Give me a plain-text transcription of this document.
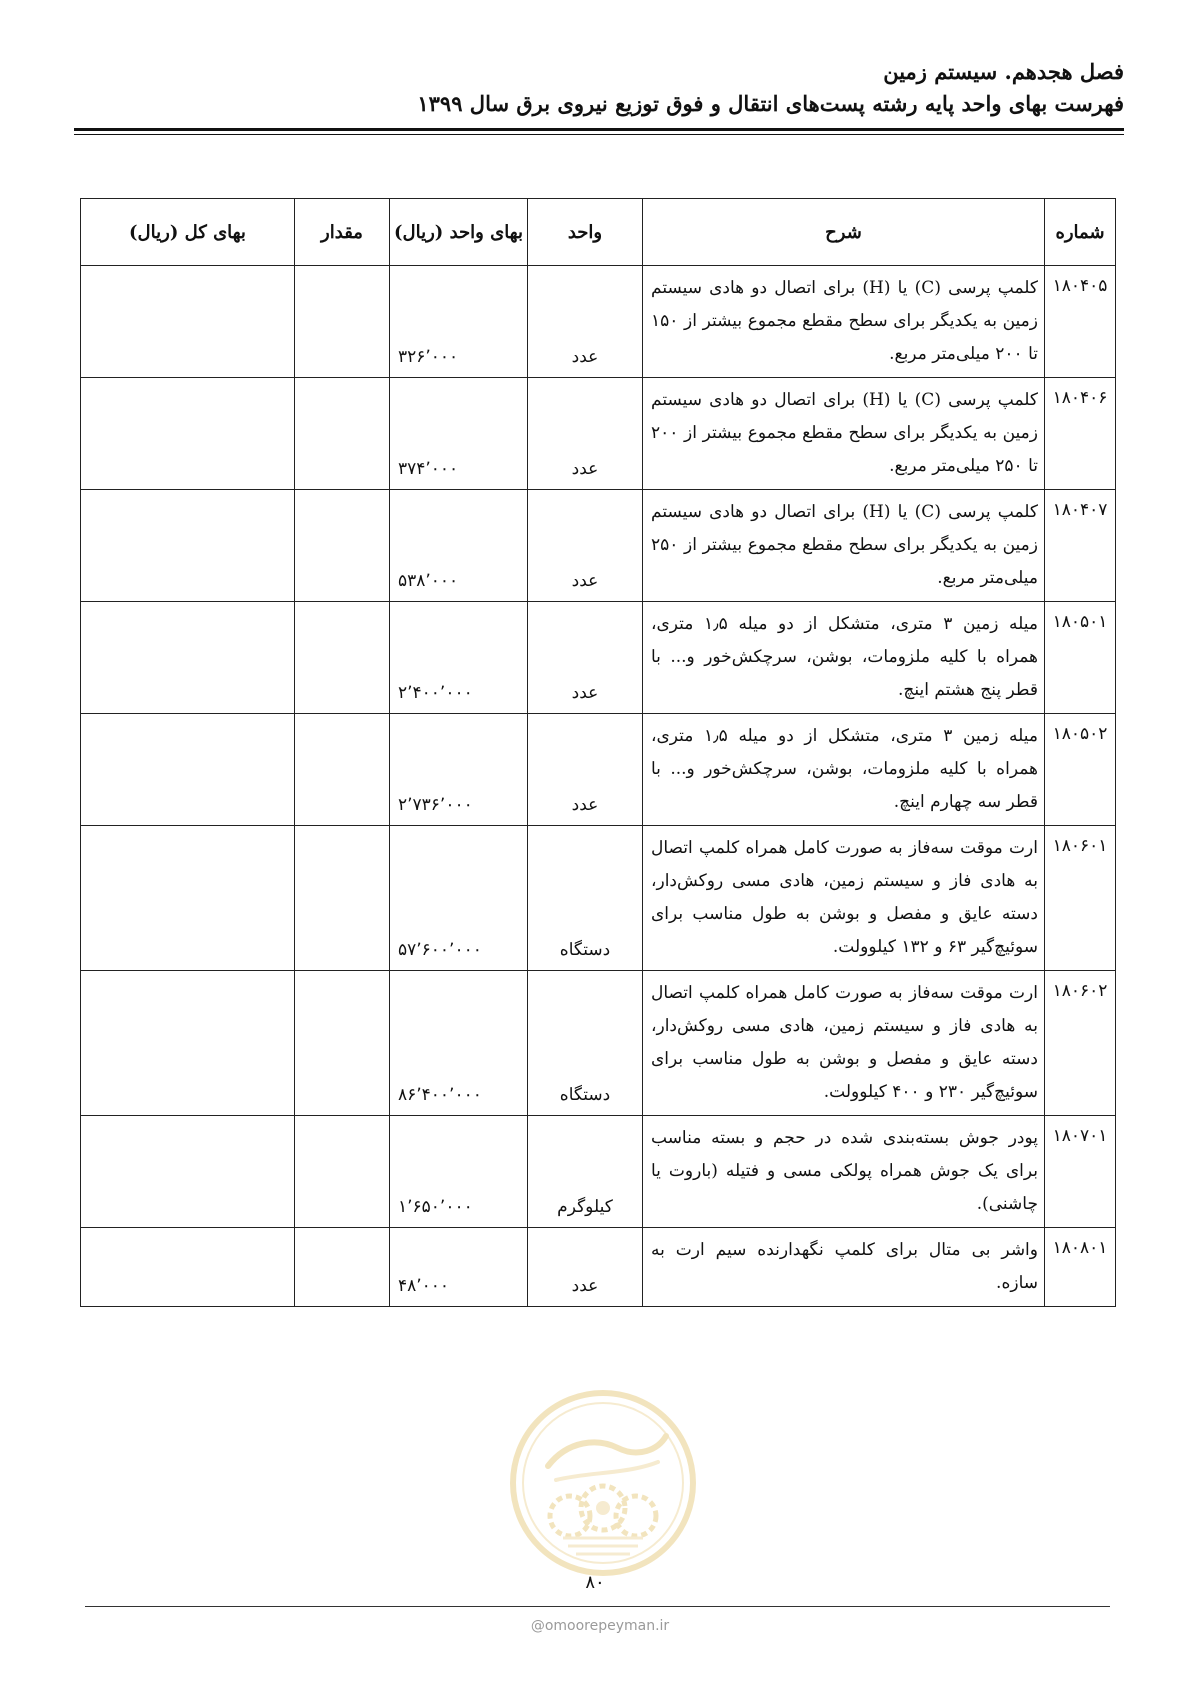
فصل هجدهم. سیستم زمین
فهرست بهای واحد پایه رشته پست‌های انتقال و فوق توزیع نیروی برق سال ۱۳۹۹
شماره	شرح	واحد	بهای واحد (ریال)	مقدار	بهای کل (ریال)
۱۸۰۴۰۵	کلمپ پرسی (C) یا (H) برای اتصال دو هادی سیستم زمین به یکدیگر برای سطح مقطع مجموع بیشتر از ۱۵۰ تا ۲۰۰ میلی‌متر مربع.	عدد	۳۲۶٬۰۰۰		
۱۸۰۴۰۶	کلمپ پرسی (C) یا (H) برای اتصال دو هادی سیستم زمین به یکدیگر برای سطح مقطع مجموع بیشتر از ۲۰۰ تا ۲۵۰ میلی‌متر مربع.	عدد	۳۷۴٬۰۰۰		
۱۸۰۴۰۷	کلمپ پرسی (C) یا (H) برای اتصال دو هادی سیستم زمین به یکدیگر برای سطح مقطع مجموع بیشتر از ۲۵۰ میلی‌متر مربع.	عدد	۵۳۸٬۰۰۰		
۱۸۰۵۰۱	میله زمین ۳ متری، متشکل از دو میله ۱٫۵ متری، همراه با کلیه ملزومات، بوشن، سرچکش‌خور و... با قطر پنج هشتم اینچ.	عدد	۲٬۴۰۰٬۰۰۰		
۱۸۰۵۰۲	میله زمین ۳ متری، متشکل از دو میله ۱٫۵ متری، همراه با کلیه ملزومات، بوشن، سرچکش‌خور و... با قطر سه چهارم اینچ.	عدد	۲٬۷۳۶٬۰۰۰		
۱۸۰۶۰۱	ارت موقت سه‌فاز به صورت کامل همراه کلمپ اتصال به هادی فاز و سیستم زمین، هادی مسی روکش‌دار، دسته عایق و مفصل و بوشن به طول مناسب برای سوئیچ‌گیر ۶۳ و ۱۳۲ کیلوولت.	دستگاه	۵۷٬۶۰۰٬۰۰۰		
۱۸۰۶۰۲	ارت موقت سه‌فاز به صورت کامل همراه کلمپ اتصال به هادی فاز و سیستم زمین، هادی مسی روکش‌دار، دسته عایق و مفصل و بوشن به طول مناسب برای سوئیچ‌گیر ۲۳۰ و ۴۰۰ کیلوولت.	دستگاه	۸۶٬۴۰۰٬۰۰۰		
۱۸۰۷۰۱	پودر جوش بسته‌بندی شده در حجم و بسته مناسب برای یک جوش همراه پولکی مسی و فتیله (باروت یا چاشنی).	کیلوگرم	۱٬۶۵۰٬۰۰۰		
۱۸۰۸۰۱	واشر بی متال برای کلمپ نگهدارنده سیم ارت به سازه.	عدد	۴۸٬۰۰۰		
۸۰
@omoorepeyman.ir
